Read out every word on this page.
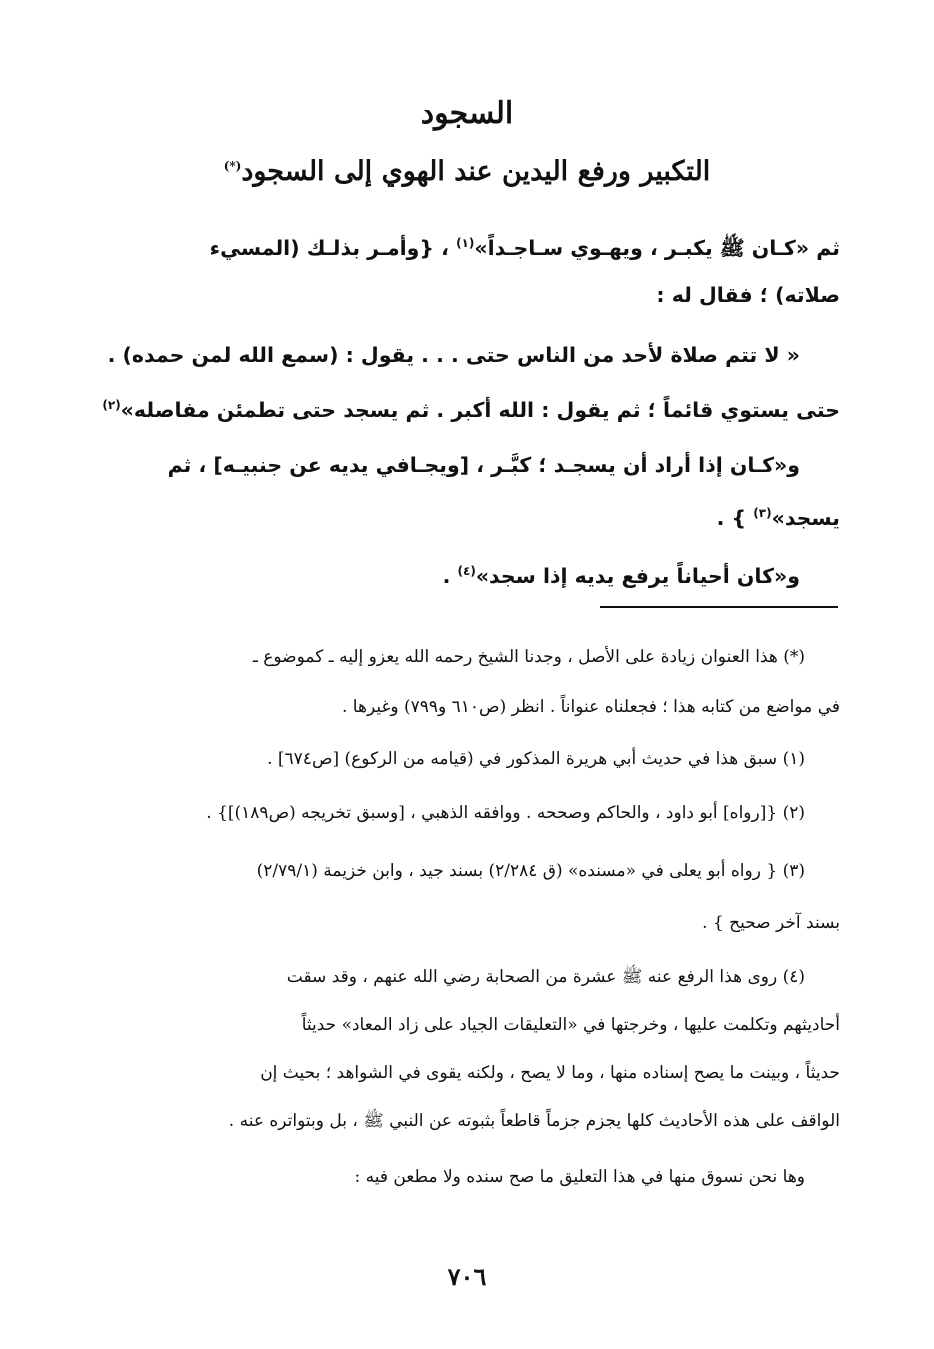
السجود
التكبير ورفع اليدين عند الهوي إلى السجود(*)
ثم «كـان ﷺ يكبـر ، ويهـوي سـاجـداً»$^{(١)}$ ، {وأمـر بذلـك (المسيء
صلاته) ؛ فقال له :
« لا تتم صلاة لأحد من الناس حتى . . . يقول : (سمع الله لمن حمده) .
حتى يستوي قائماً ؛ ثم يقول : الله أكبر . ثم يسجد حتى تطمئن مفاصله»$^{(٢)}$
و«كـان إذا أراد أن يسجـد ؛ كبَّـر ، [ويجـافي يديه عن جنبيـه] ، ثم
يسجد»$^{(٣)}$ } .
و«كان أحياناً يرفع يديه إذا سجد»$^{(٤)}$ .
(*) هذا العنوان زيادة على الأصل ، وجدنا الشيخ رحمه الله يعزو إليه ـ كموضوع ـ
في مواضع من كتابه هذا ؛ فجعلناه عنواناً . انظر (ص٦١٠ و٧٩٩) وغيرها .
(١) سبق هذا في حديث أبي هريرة المذكور في (قيامه من الركوع) [ص٦٧٤] .
(٢) {[رواه] أبو داود ، والحاكم وصححه . ووافقه الذهبي ، [وسبق تخريجه (ص١٨٩)]} .
(٣) { رواه أبو يعلى في «مسنده» (ق ٢/٢٨٤) بسند جيد ، وابن خزيمة (٢/٧٩/١)
بسند آخر صحيح } .
(٤) روى هذا الرفع عنه ﷺ عشرة من الصحابة رضي الله عنهم ، وقد سقت
أحاديثهم وتكلمت عليها ، وخرجتها في «التعليقات الجياد على زاد المعاد» حديثاً
حديثاً ، وبينت ما يصح إسناده منها ، وما لا يصح ، ولكنه يقوى في الشواهد ؛ بحيث إن
الواقف على هذه الأحاديث كلها يجزم جزماً قاطعاً بثبوته عن النبي ﷺ ، بل وبتواتره عنه .
وها نحن نسوق منها في هذا التعليق ما صح سنده ولا مطعن فيه :
٧٠٦
